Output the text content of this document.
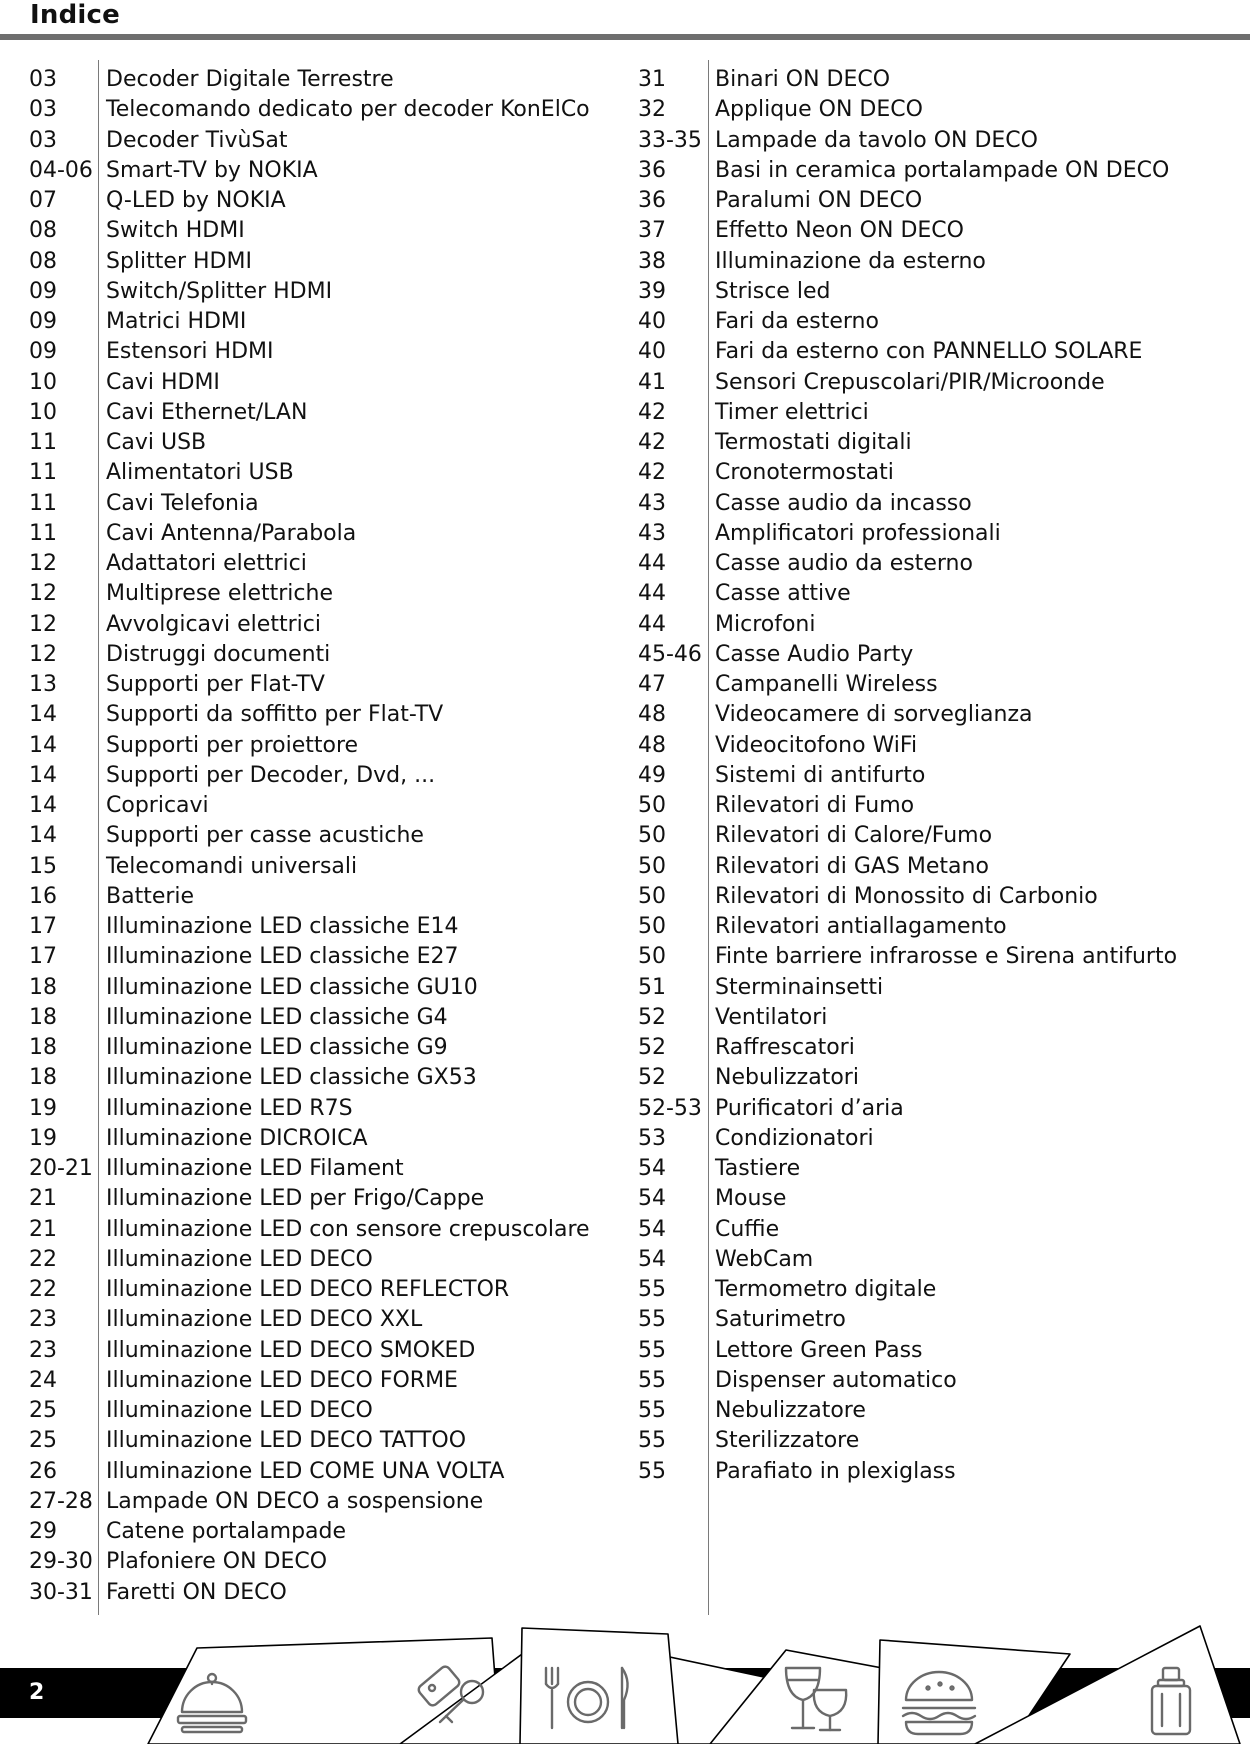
Indice
03	Decoder Digitale Terrestre
03	Telecomando dedicato per decoder KonElCo
03	Decoder TivùSat
04-06 Smart-TV by NOKIA
07	Q-LED by NOKIA
08	Switch HDMI
08	Splitter HDMI
09	Switch/Splitter HDMI
09	Matrici HDMI
09	Estensori HDMI
10	Cavi HDMI
10	Cavi Ethernet/LAN
11	Cavi USB
11	Alimentatori USB
11	Cavi Telefonia
11	Cavi Antenna/Parabola
12	Adattatori elettrici
12	Multiprese elettriche
12	Avvolgicavi elettrici
12	Distruggi documenti
13	Supporti per Flat-TV
14	Supporti da soffitto per Flat-TV
14	Supporti per proiettore
14	Supporti per Decoder, Dvd, ...
14	Copricavi
14	Supporti per casse acustiche
15	Telecomandi universali
16	Batterie
17	Illuminazione LED classiche E14
17	Illuminazione LED classiche E27
18	Illuminazione LED classiche GU10
18	Illuminazione LED classiche G4
18	Illuminazione LED classiche G9
18	Illuminazione LED classiche GX53
19	Illuminazione LED R7S
19	Illuminazione DICROICA
20-21 Illuminazione LED Filament
21	Illuminazione LED per Frigo/Cappe
21	Illuminazione LED con sensore crepuscolare
22	Illuminazione LED DECO
22	Illuminazione LED DECO REFLECTOR
23	Illuminazione LED DECO XXL
23	Illuminazione LED DECO SMOKED
24	Illuminazione LED DECO FORME
25	Illuminazione LED DECO
25	Illuminazione LED DECO TATTOO
26	Illuminazione LED COME UNA VOLTA
27-28 Lampade ON DECO a sospensione
29	Catene portalampade
29-30 Plafoniere ON DECO
30-31 Faretti ON DECO
31	Binari ON DECO
32	Applique ON DECO
33-35 Lampade da tavolo ON DECO
36	Basi in ceramica portalampade ON DECO
36	Paralumi ON DECO
37	Effetto Neon ON DECO
38	Illuminazione da esterno
39	Strisce led
40	Fari da esterno
40	Fari da esterno con PANNELLO SOLARE
41	Sensori Crepuscolari/PIR/Microonde
42	Timer elettrici
42	Termostati digitali
42	Cronotermostati
43	Casse audio da incasso
43	Amplificatori professionali
44	Casse audio da esterno
44	Casse attive
44	Microfoni
45-46 Casse Audio Party
47	Campanelli Wireless
48	Videocamere di sorveglianza
48	Videocitofono WiFi
49	Sistemi di antifurto
50	Rilevatori di Fumo
50	Rilevatori di Calore/Fumo
50	Rilevatori di GAS Metano
50	Rilevatori di Monossito di Carbonio
50	Rilevatori antiallagamento
50	Finte barriere infrarosse e Sirena antifurto
51	Sterminainsetti
52	Ventilatori
52	Raffrescatori
52	Nebulizzatori
52-53 Purificatori d’aria
53	Condizionatori
54	Tastiere
54	Mouse
54	Cuffie
54	WebCam
55	Termometro digitale
55	Saturimetro
55	Lettore Green Pass
55	Dispenser automatico
55	Nebulizzatore
55	Sterilizzatore
55	Parafiato in plexiglass
2
